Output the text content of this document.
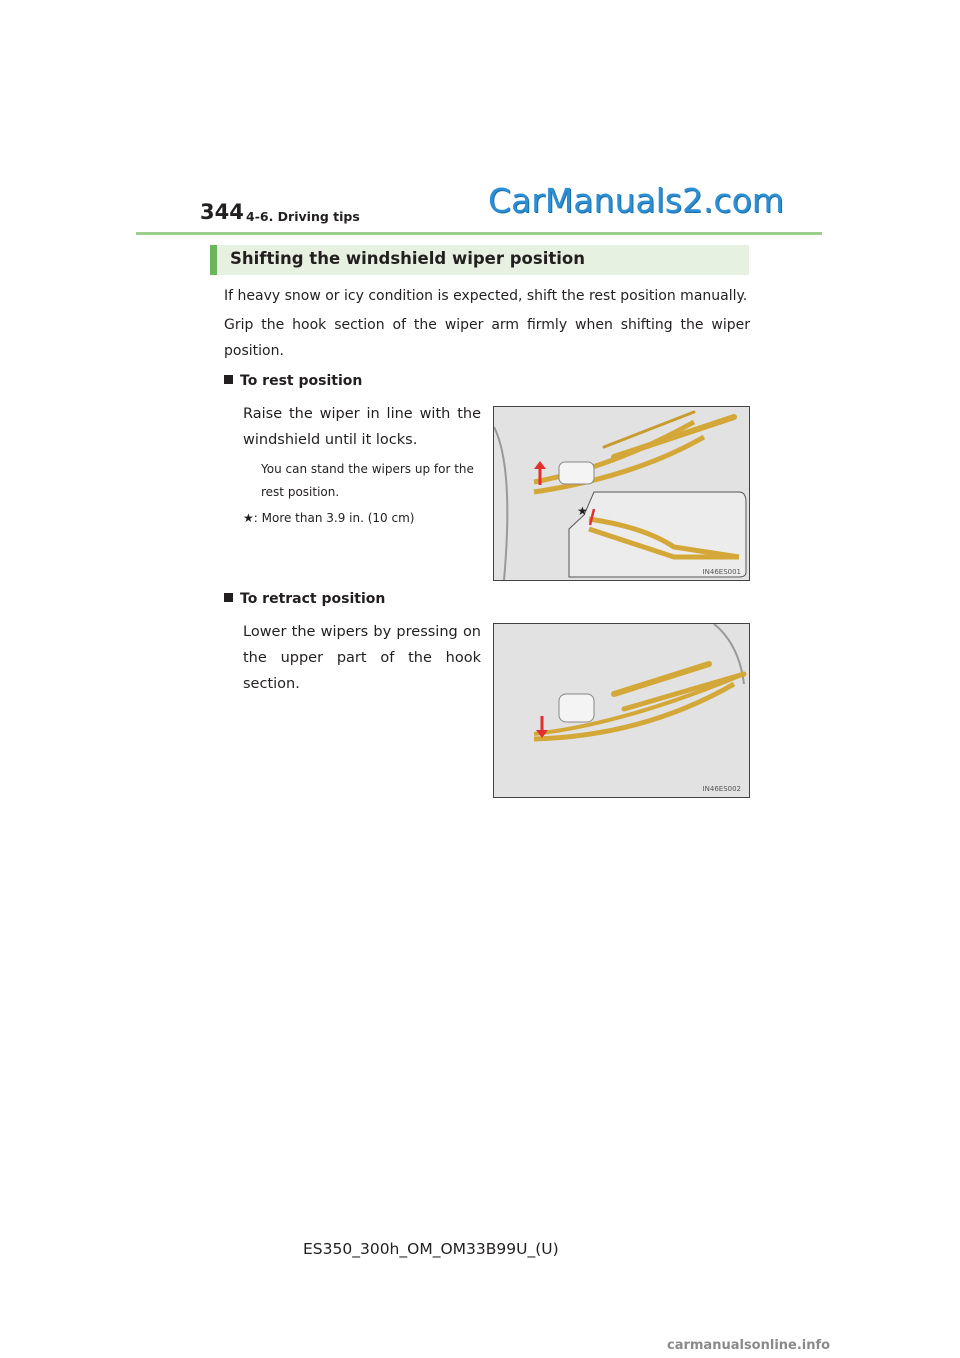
344 4-6. Driving tips	CarManuals2.com
Shifting the windshield wiper position
If heavy snow or icy condition is expected, shift the rest position manually.
Grip the hook section of the wiper arm firmly when shifting the wiper position.
To rest position
Raise the wiper in line with the windshield until it locks.
You can stand the wipers up for the rest position.
★: More than 3.9 in. (10 cm)	★
IN46ES001
To retract position
Lower the wipers by pressing on the upper part of the hook section.
IN46ES002
ES350_300h_OM_OM33B99U_(U)
carmanualsonline.info
